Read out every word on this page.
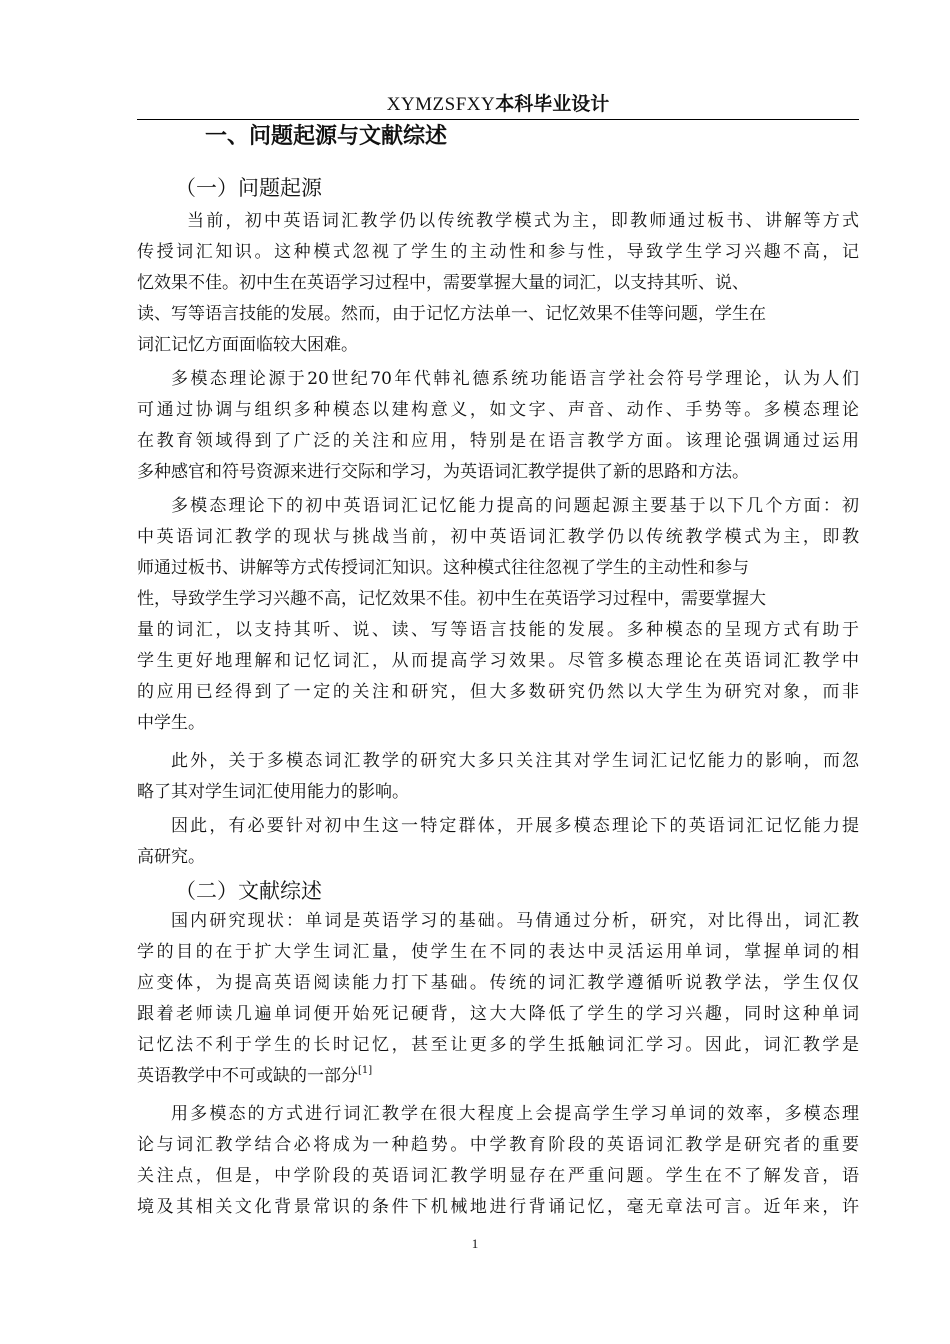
XYMZSFXY本科毕业设计
一、问题起源与文献综述
（一）问题起源
当前，初中英语词汇教学仍以传统教学模式为主，即教师通过板书、讲解等方式
传授词汇知识。这种模式忽视了学生的主动性和参与性，导致学生学习兴趣不高，记
忆效果不佳。初中生在英语学习过程中，需要掌握大量的词汇，以支持其听、说、
读、写等语言技能的发展。然而，由于记忆方法单一、记忆效果不佳等问题，学生在
词汇记忆方面面临较大困难。
多模态理论源于20世纪70年代韩礼德系统功能语言学社会符号学理论，认为人们
可通过协调与组织多种模态以建构意义，如文字、声音、动作、手势等。多模态理论
在教育领域得到了广泛的关注和应用，特别是在语言教学方面。该理论强调通过运用
多种感官和符号资源来进行交际和学习，为英语词汇教学提供了新的思路和方法。
多模态理论下的初中英语词汇记忆能力提高的问题起源主要基于以下几个方面：初
中英语词汇教学的现状与挑战当前，初中英语词汇教学仍以传统教学模式为主，即教
师通过板书、讲解等方式传授词汇知识。这种模式往往忽视了学生的主动性和参与
性，导致学生学习兴趣不高，记忆效果不佳。初中生在英语学习过程中，需要掌握大
量的词汇，以支持其听、说、读、写等语言技能的发展。多种模态的呈现方式有助于
学生更好地理解和记忆词汇，从而提高学习效果。尽管多模态理论在英语词汇教学中
的应用已经得到了一定的关注和研究，但大多数研究仍然以大学生为研究对象，而非
中学生。
此外，关于多模态词汇教学的研究大多只关注其对学生词汇记忆能力的影响，而忽
略了其对学生词汇使用能力的影响。
因此，有必要针对初中生这一特定群体，开展多模态理论下的英语词汇记忆能力提
高研究。
（二）文献综述
国内研究现状：单词是英语学习的基础。马倩通过分析，研究，对比得出，词汇教
学的目的在于扩大学生词汇量，使学生在不同的表达中灵活运用单词，掌握单词的相
应变体，为提高英语阅读能力打下基础。传统的词汇教学遵循听说教学法，学生仅仅
跟着老师读几遍单词便开始死记硬背，这大大降低了学生的学习兴趣，同时这种单词
记忆法不利于学生的长时记忆，甚至让更多的学生抵触词汇学习。因此，词汇教学是
英语教学中不可或缺的一部分[1]
用多模态的方式进行词汇教学在很大程度上会提高学生学习单词的效率，多模态理
论与词汇教学结合必将成为一种趋势。中学教育阶段的英语词汇教学是研究者的重要
关注点，但是，中学阶段的英语词汇教学明显存在严重问题。学生在不了解发音，语
境及其相关文化背景常识的条件下机械地进行背诵记忆，毫无章法可言。近年来，许
1
